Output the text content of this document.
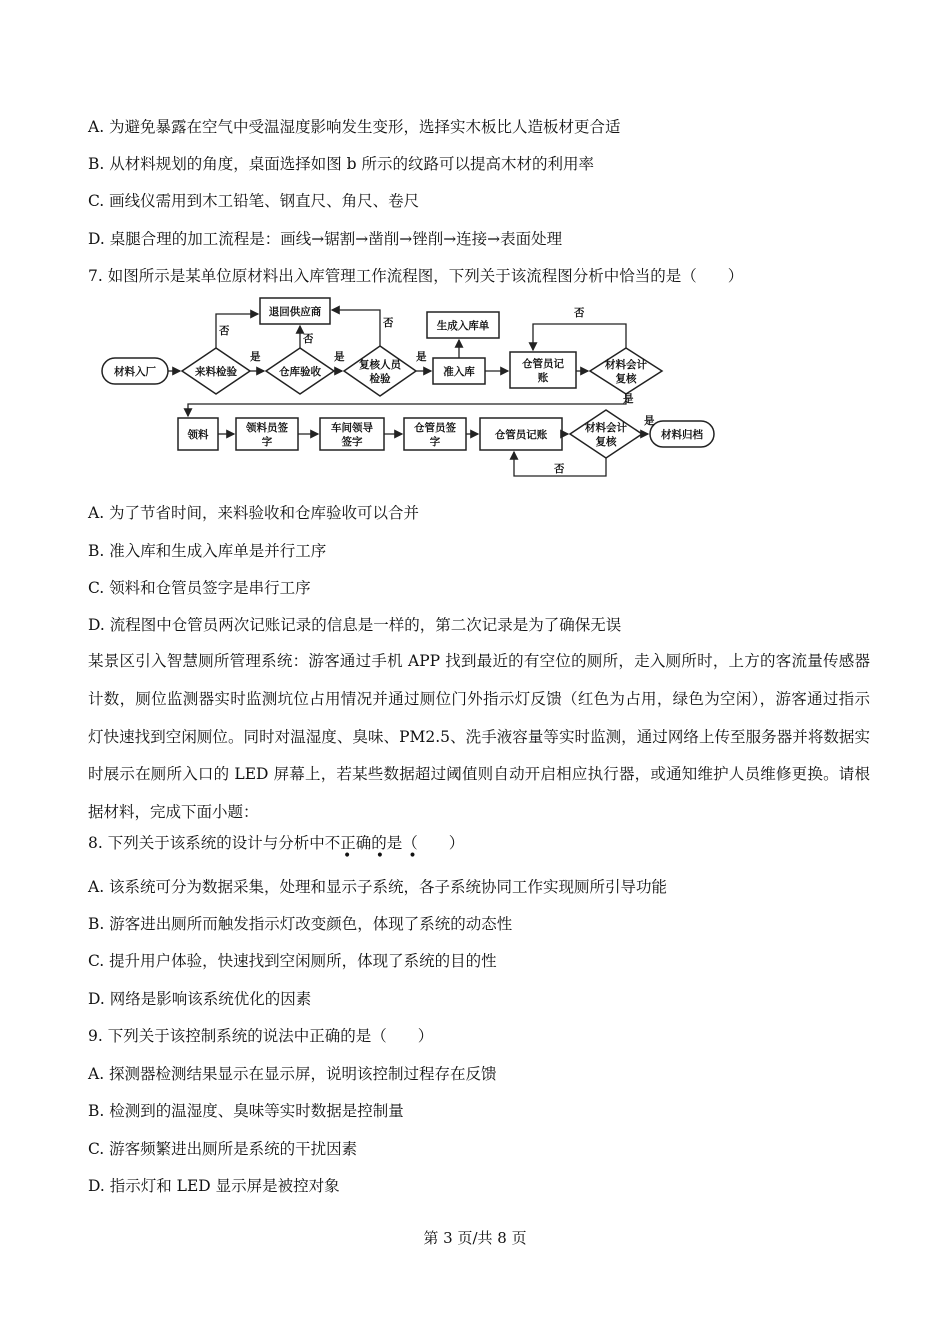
A. 为避免暴露在空气中受温湿度影响发生变形，选择实木板比人造板材更合适
B. 从材料规划的角度，桌面选择如图 b 所示的纹路可以提高木材的利用率
C. 画线仪需用到木工铅笔、钢直尺、角尺、卷尺
D. 桌腿合理的加工流程是：画线→锯割→凿削→锉削→连接→表面处理
7. 如图所示是某单位原材料出入库管理工作流程图，下列关于该流程图分析中恰当的是（　　）
材料入厂	来料检验	仓库验收
复核人员
检验
退回供应商
准入库
生成入库单
仓管员记
账
材料会计
复核
领料
领料员签
字
车间领导
签字
仓管员签
字
仓管员记账
材料会计
复核
材料归档
是	是	是
是
是
否
否
否
否
否
A. 为了节省时间，来料验收和仓库验收可以合并
B. 准入库和生成入库单是并行工序
C. 领料和仓管员签字是串行工序
D. 流程图中仓管员两次记账记录的信息是一样的，第二次记录是为了确保无误
某景区引入智慧厕所管理系统：游客通过手机 APP 找到最近的有空位的厕所，走入厕所时，上方的客流量传感器计数，厕位监测器实时监测坑位占用情况并通过厕位门外指示灯反馈（红色为占用，绿色为空闲），游客通过指示灯快速找到空闲厕位。同时对温湿度、臭味、PM2.5、洗手液容量等实时监测，通过网络上传至服务器并将数据实时展示在厕所入口的 LED 屏幕上，若某些数据超过阈值则自动开启相应执行器，或通知维护人员维修更换。请根据材料，完成下面小题：
8. 下列关于该系统的设计与分析中不正确的是（　　）
• • •
A. 该系统可分为数据采集，处理和显示子系统，各子系统协同工作实现厕所引导功能
B. 游客进出厕所而触发指示灯改变颜色，体现了系统的动态性
C. 提升用户体验，快速找到空闲厕所，体现了系统的目的性
D. 网络是影响该系统优化的因素
9. 下列关于该控制系统的说法中正确的是（　　）
A. 探测器检测结果显示在显示屏，说明该控制过程存在反馈
B. 检测到的温湿度、臭味等实时数据是控制量
C. 游客频繁进出厕所是系统的干扰因素
D. 指示灯和 LED 显示屏是被控对象
第 3 页/共 8 页
